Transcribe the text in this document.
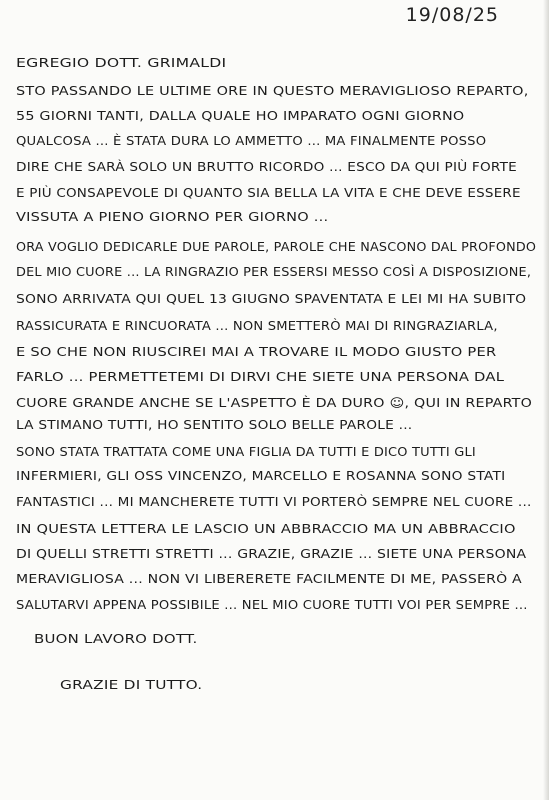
19/08/25
EGREGIO DOTT. GRIMALDI
STO PASSANDO LE ULTIME ORE IN QUESTO MERAVIGLIOSO REPARTO,
55 GIORNI TANTI, DALLA QUALE HO IMPARATO OGNI GIORNO
QUALCOSA ... È STATA DURA LO AMMETTO ... MA FINALMENTE POSSO
DIRE CHE SARÀ SOLO UN BRUTTO RICORDO ... ESCO DA QUI PIÙ FORTE
E PIÙ CONSAPEVOLE DI QUANTO SIA BELLA LA VITA E CHE DEVE ESSERE
VISSUTA A PIENO GIORNO PER GIORNO ...
ORA VOGLIO DEDICARLE DUE PAROLE, PAROLE CHE NASCONO DAL PROFONDO
DEL MIO CUORE ... LA RINGRAZIO PER ESSERSI MESSO COSÌ A DISPOSIZIONE,
SONO ARRIVATA QUI QUEL 13 GIUGNO SPAVENTATA E LEI MI HA SUBITO
RASSICURATA E RINCUORATA ... NON SMETTERÒ MAI DI RINGRAZIARLA,
E SO CHE NON RIUSCIREI MAI A TROVARE IL MODO GIUSTO PER
FARLO ... PERMETTETEMI DI DIRVI CHE SIETE UNA PERSONA DAL
CUORE GRANDE ANCHE SE L'ASPETTO È DA DURO ☺, QUI IN REPARTO
LA STIMANO TUTTI, HO SENTITO SOLO BELLE PAROLE ...
SONO STATA TRATTATA COME UNA FIGLIA DA TUTTI E DICO TUTTI GLI
INFERMIERI, GLI OSS VINCENZO, MARCELLO E ROSANNA SONO STATI
FANTASTICI ... MI MANCHERETE TUTTI VI PORTERÒ SEMPRE NEL CUORE ...
IN QUESTA LETTERA LE LASCIO UN ABBRACCIO MA UN ABBRACCIO
DI QUELLI STRETTI STRETTI ... GRAZIE, GRAZIE ... SIETE UNA PERSONA
MERAVIGLIOSA ... NON VI LIBERERETE FACILMENTE DI ME, PASSERÒ A
SALUTARVI APPENA POSSIBILE ... NEL MIO CUORE TUTTI VOI PER SEMPRE ...
BUON LAVORO DOTT.
GRAZIE DI TUTTO.
